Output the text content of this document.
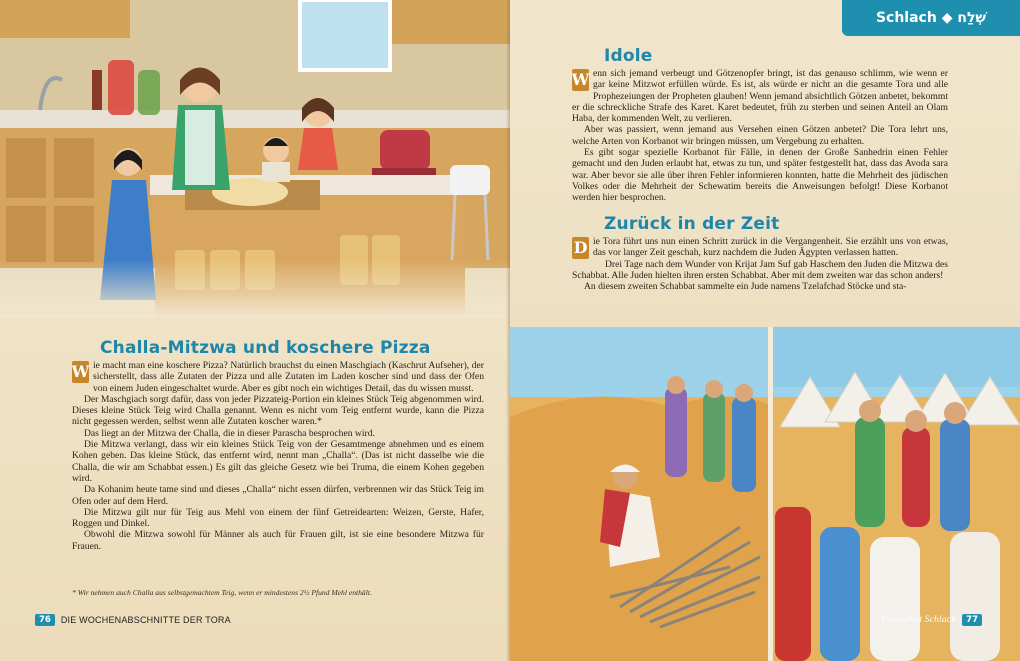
Challa-Mitzwa und koschere Pizza

W ie macht man eine koschere Pizza? Natürlich brauchst du einen Maschgiach (Kaschrut Aufseher), der sicherstellt, dass alle Zutaten der Pizza und alle Zutaten im Laden koscher sind und dass der Ofen von einem Juden eingeschaltet wurde. Aber es gibt noch ein wichtiges Detail, das du wissen musst.

Der Maschgiach sorgt dafür, dass von jeder Pizzateig-Portion ein kleines Stück Teig abgenommen wird. Dieses kleine Stück Teig wird Challa genannt. Wenn es nicht vom Teig entfernt wurde, kann die Pizza nicht gegessen werden, selbst wenn alle Zutaten koscher waren.*

Das liegt an der Mitzwa der Challa, die in dieser Paraschа besprochen wird.

Die Mitzwa verlangt, dass wir ein kleines Stück Teig von der Gesamtmenge abnehmen und es einem Kohen geben. Das kleine Stück, das entfernt wird, nennt man „Challa“. (Das ist nicht dasselbe wie die Challa, die wir am Schabbat essen.) Es gilt das gleiche Gesetz wie bei Truma, die einem Kohen gegeben wird.

Da Kohanim heute tame sind und dieses „Challa“ nicht essen dürfen, verbrennen wir das Stück Teig im Ofen oder auf dem Herd.

Die Mitzwa gilt nur für Teig aus Mehl von einem der fünf Getreidearten: Weizen, Gerste, Hafer, Roggen und Dinkel.

Obwohl die Mitzwa sowohl für Männer als auch für Frauen gilt, ist sie eine besondere Mitzwa für Frauen.

* Wir nehmen auch Challa aus selbstgemachtem Teig, wenn er mindestens 2½ Pfund Mehl enthält.
76	DIE WOCHENABSCHNITTE DER TORA
Schlach ◆ שְׁלַח
Idole

W enn sich jemand verbeugt und Götzenopfer bringt, ist das genauso schlimm, wie wenn er gar keine Mitzwot erfüllen würde. Es ist, als würde er nicht an die gesamte Tora und alle Prophezeiungen der Propheten glauben! Wenn jemand absichtlich Götzen anbetet, bekommt er die schreckliche Strafe des Karet. Karet bedeutet, früh zu sterben und seinen Anteil an Olam Haba, der kommenden Welt, zu verlieren.

Aber was passiert, wenn jemand aus Versehen einen Götzen anbetet? Die Tora lehrt uns, welche Arten von Korbanot wir bringen müssen, um Vergebung zu erhalten.

Es gibt sogar spezielle Korbanot für Fälle, in denen der Große Sanhedrin einen Fehler gemacht und den Juden erlaubt hat, etwas zu tun, und später festgestellt hat, dass das Avoda sara war. Aber bevor sie alle über ihren Fehler informieren konnten, hatte die Mehrheit des jüdischen Volkes oder die Mehrheit der Schewatim bereits die Anweisungen befolgt! Diese Korbanot werden hier besprochen.

Zurück in der Zeit

D ie Tora führt uns nun einen Schritt zurück in die Vergangenheit. Sie erzählt uns von etwas, das vor langer Zeit geschah, kurz nachdem die Juden Ägypten verlassen hatten.

Drei Tage nach dem Wunder von Krijat Jam Suf gab Haschem den Juden die Mitzwa des Schabbat. Alle Juden hielten ihren ersten Schabbat. Aber mit dem zweiten war das schon anders!

An diesem zweiten Schabbat sammelte ein Jude namens Tzelafchad Stöcke und sta-

Paraschat Schlach	77
